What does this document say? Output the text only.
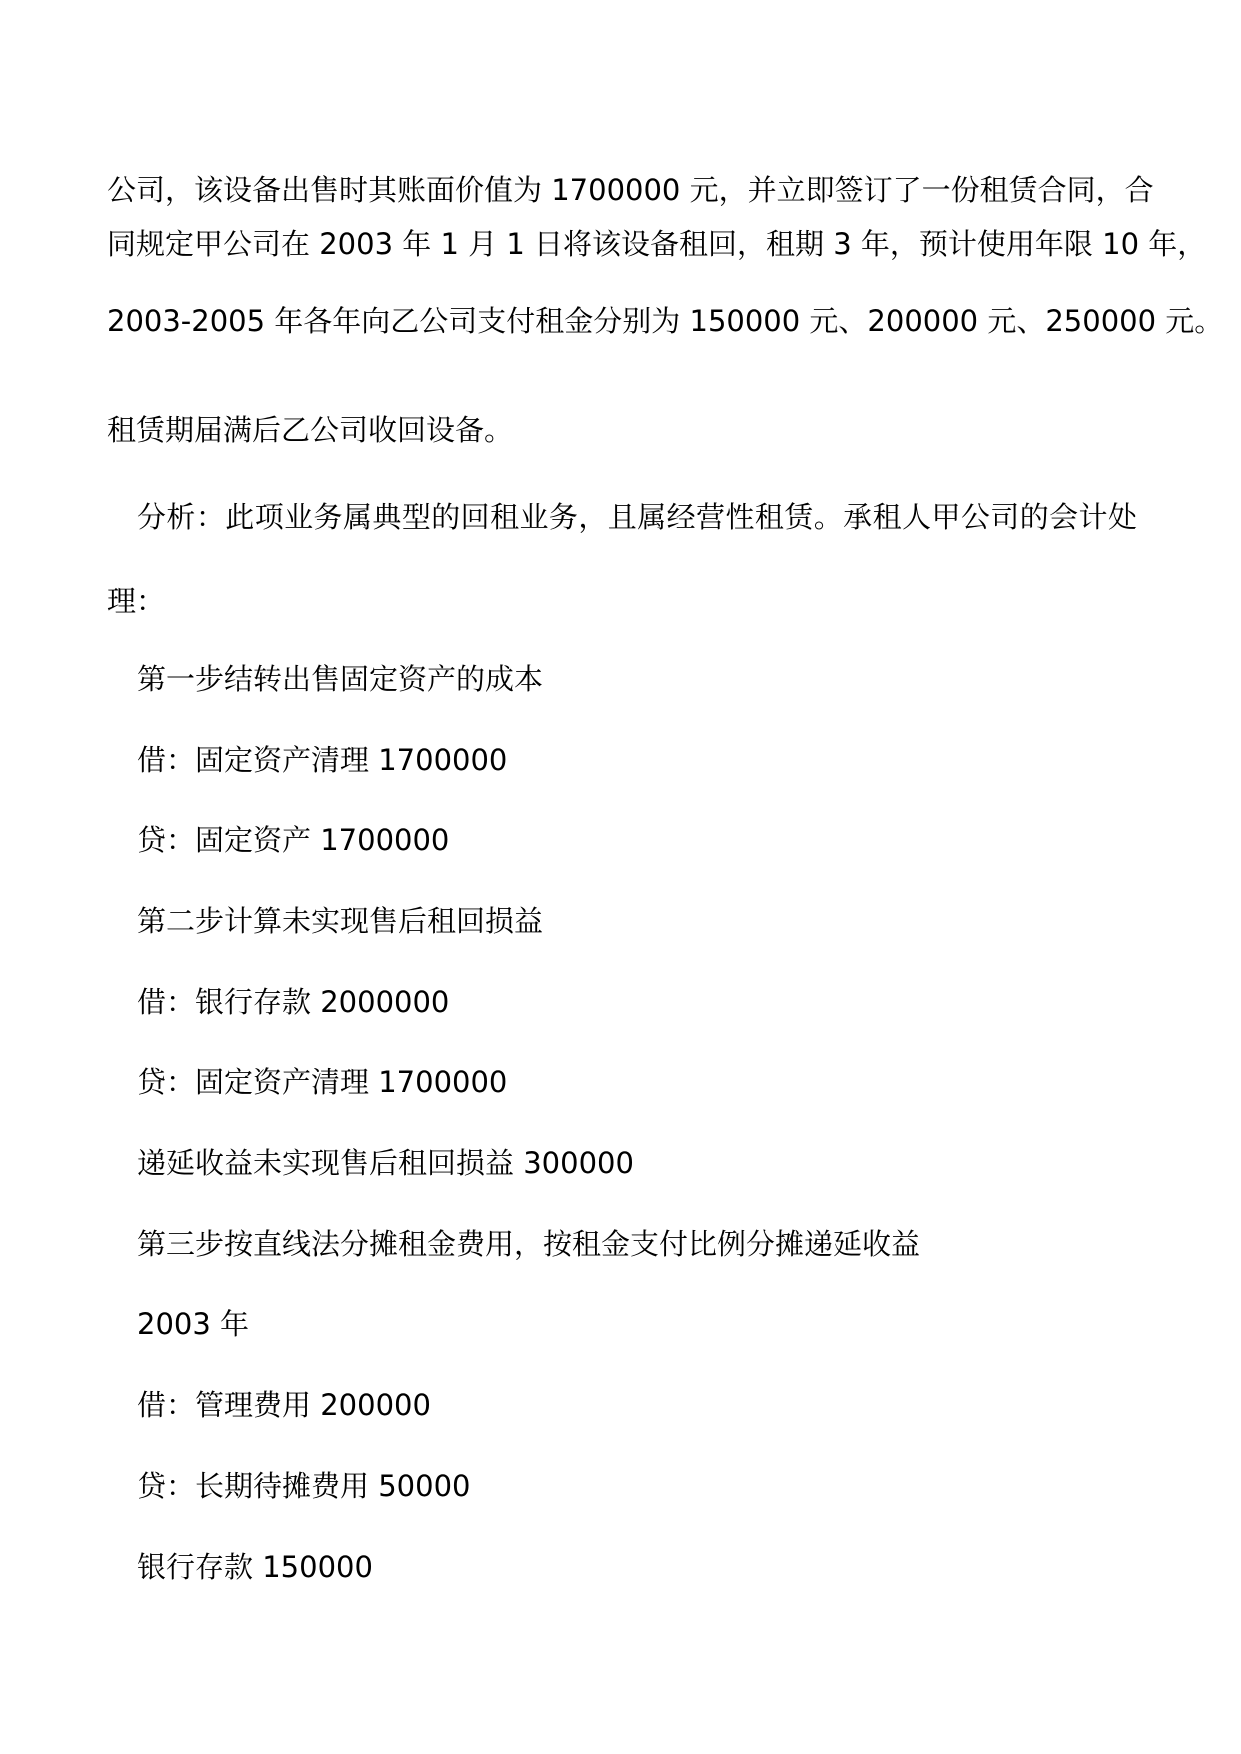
公司，该设备出售时其账面价值为 1700000 元，并立即签订了一份租赁合同，合
同规定甲公司在 2003 年 1 月 1 日将该设备租回，租期 3 年，预计使用年限 10 年，
2003-2005 年各年向乙公司支付租金分别为 150000 元、200000 元、250000 元。
租赁期届满后乙公司收回设备。
分析：此项业务属典型的回租业务，且属经营性租赁。承租人甲公司的会计处
理：
第一步结转出售固定资产的成本
借：固定资产清理 1700000
贷：固定资产 1700000
第二步计算未实现售后租回损益
借：银行存款 2000000
贷：固定资产清理 1700000
递延收益未实现售后租回损益 300000
第三步按直线法分摊租金费用，按租金支付比例分摊递延收益
2003 年
借：管理费用 200000
贷：长期待摊费用 50000
银行存款 150000
